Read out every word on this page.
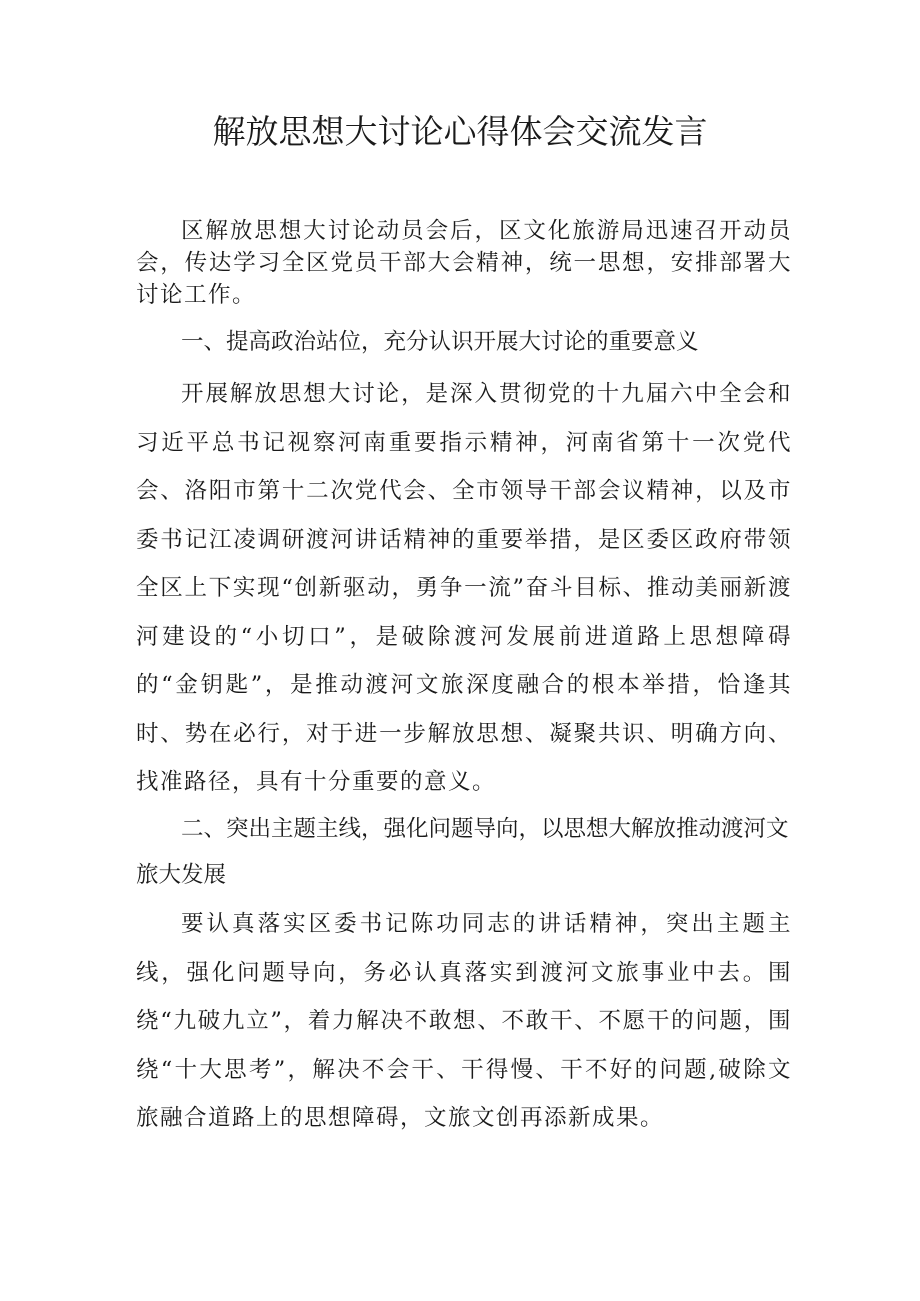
解放思想大讨论心得体会交流发言

区解放思想大讨论动员会后，区文化旅游局迅速召开动员会，传达学习全区党员干部大会精神，统一思想，安排部署大讨论工作。

一、提高政治站位，充分认识开展大讨论的重要意义

开展解放思想大讨论，是深入贯彻党的十九届六中全会和习近平总书记视察河南重要指示精神，河南省第十一次党代会、洛阳市第十二次党代会、全市领导干部会议精神，以及市委书记江凌调研渡河讲话精神的重要举措，是区委区政府带领全区上下实现“创新驱动，勇争一流”奋斗目标、推动美丽新渡河建设的“小切口”，是破除渡河发展前进道路上思想障碍的“金钥匙”，是推动渡河文旅深度融合的根本举措，恰逢其时、势在必行，对于进一步解放思想、凝聚共识、明确方向、找准路径，具有十分重要的意义。

二、突出主题主线，强化问题导向，以思想大解放推动渡河文旅大发展

要认真落实区委书记陈功同志的讲话精神，突出主题主线，强化问题导向，务必认真落实到渡河文旅事业中去。围绕“九破九立”，着力解决不敢想、不敢干、不愿干的问题，围绕“十大思考”，解决不会干、干得慢、干不好的问题,破除文旅融合道路上的思想障碍，文旅文创再添新成果。
